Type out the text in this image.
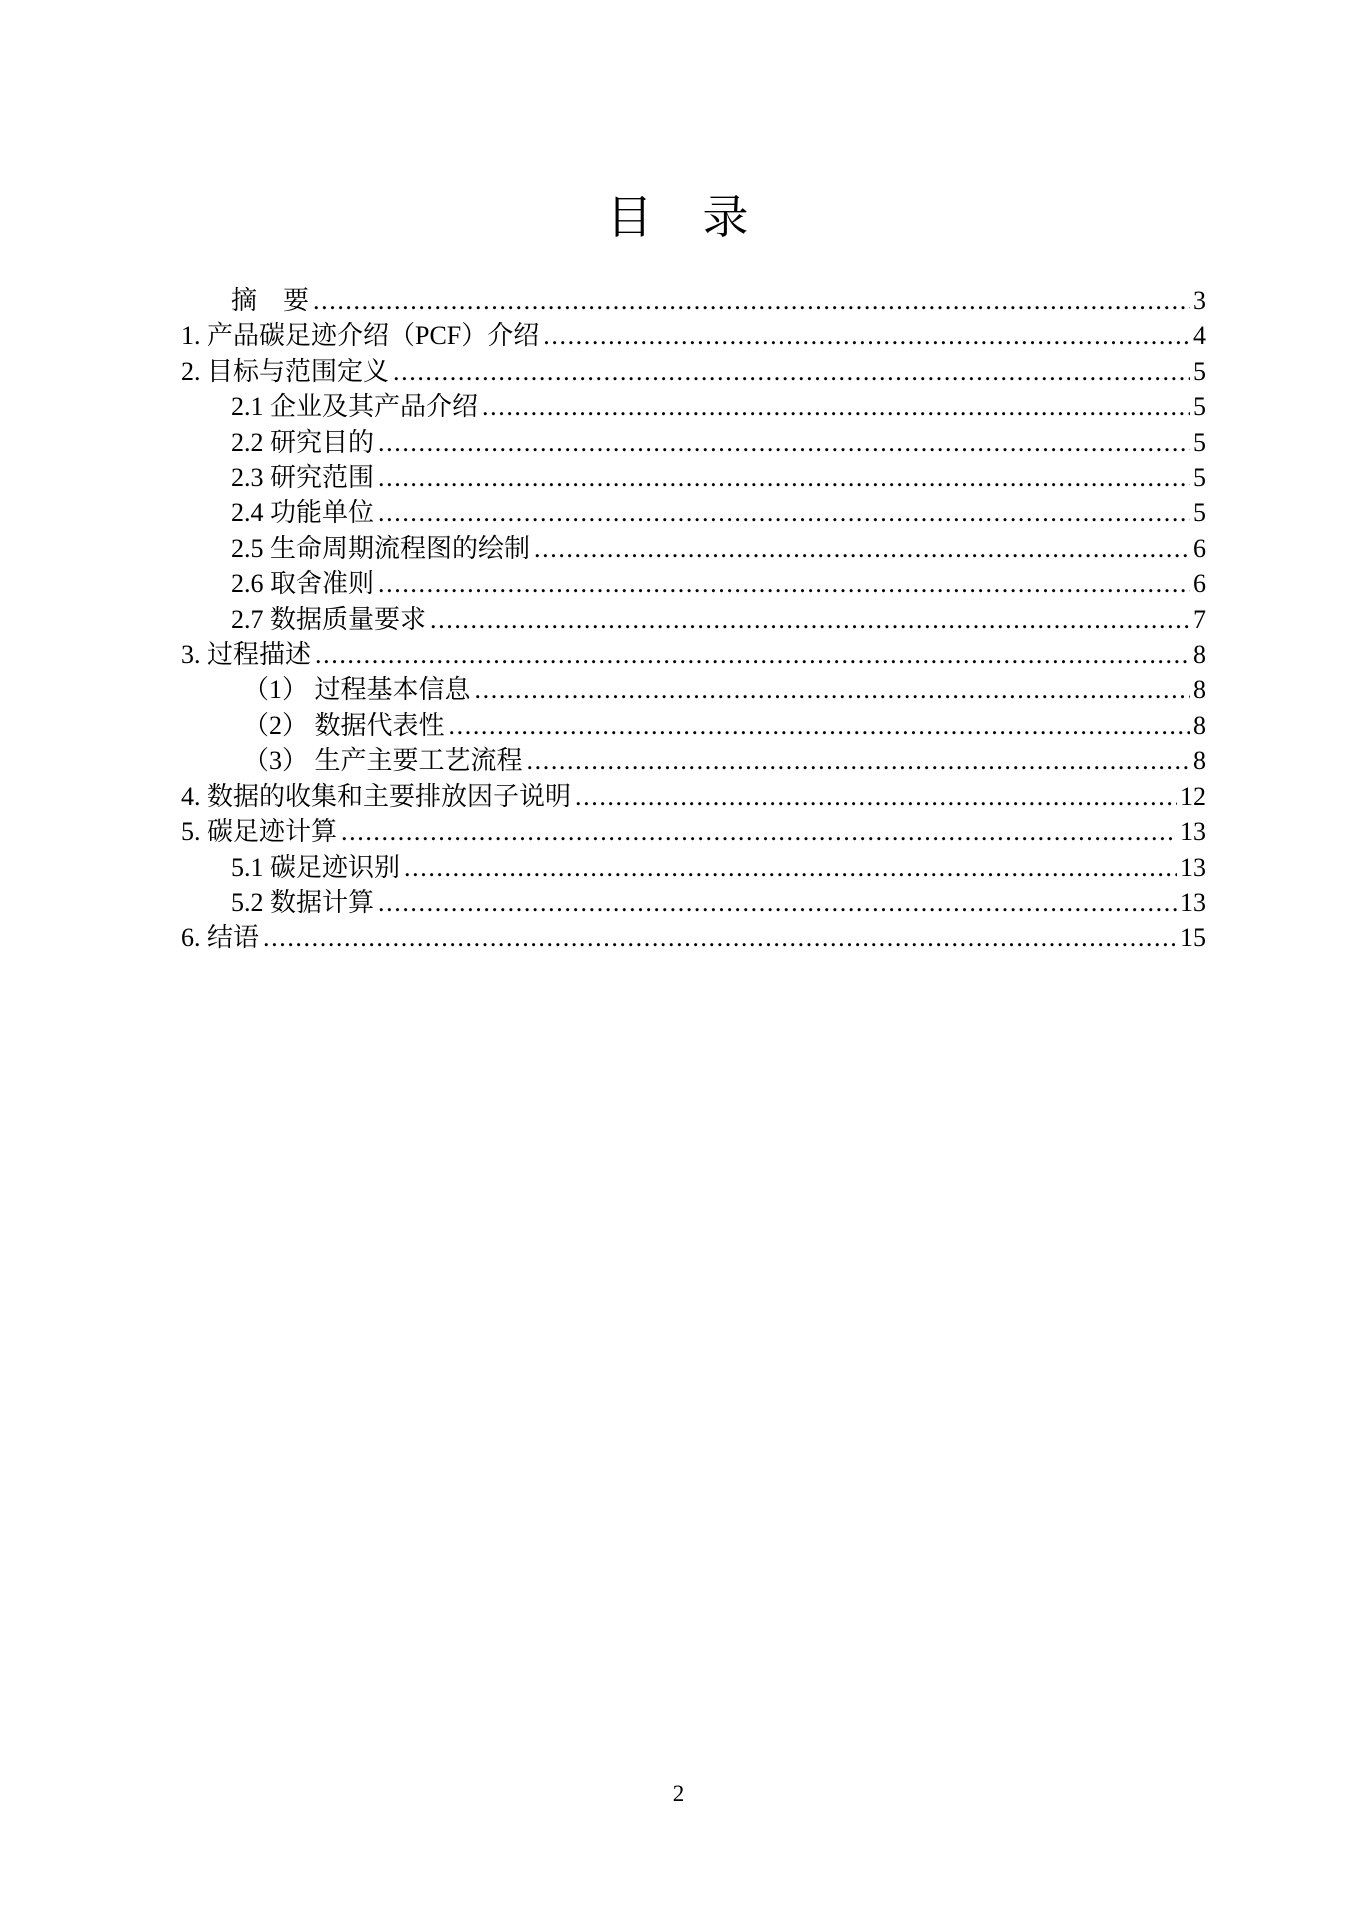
目　录
摘　要 .....	3
1. 产品碳足迹介绍（PCF）介绍 .....	4
2. 目标与范围定义 .....	5
2.1 企业及其产品介绍 .....	5
2.2 研究目的 .....	5
2.3 研究范围 .....	5
2.4 功能单位 .....	5
2.5 生命周期流程图的绘制 .....	6
2.6 取舍准则 .....	6
2.7 数据质量要求 .....	7
3. 过程描述 .....	8
（1） 过程基本信息 .....	8
（2） 数据代表性 .....	8
（3） 生产主要工艺流程 .....	8
4. 数据的收集和主要排放因子说明 .....	12
5. 碳足迹计算 .....	13
5.1 碳足迹识别 .....	13
5.2 数据计算 .....	13
6. 结语 .....	15
2
